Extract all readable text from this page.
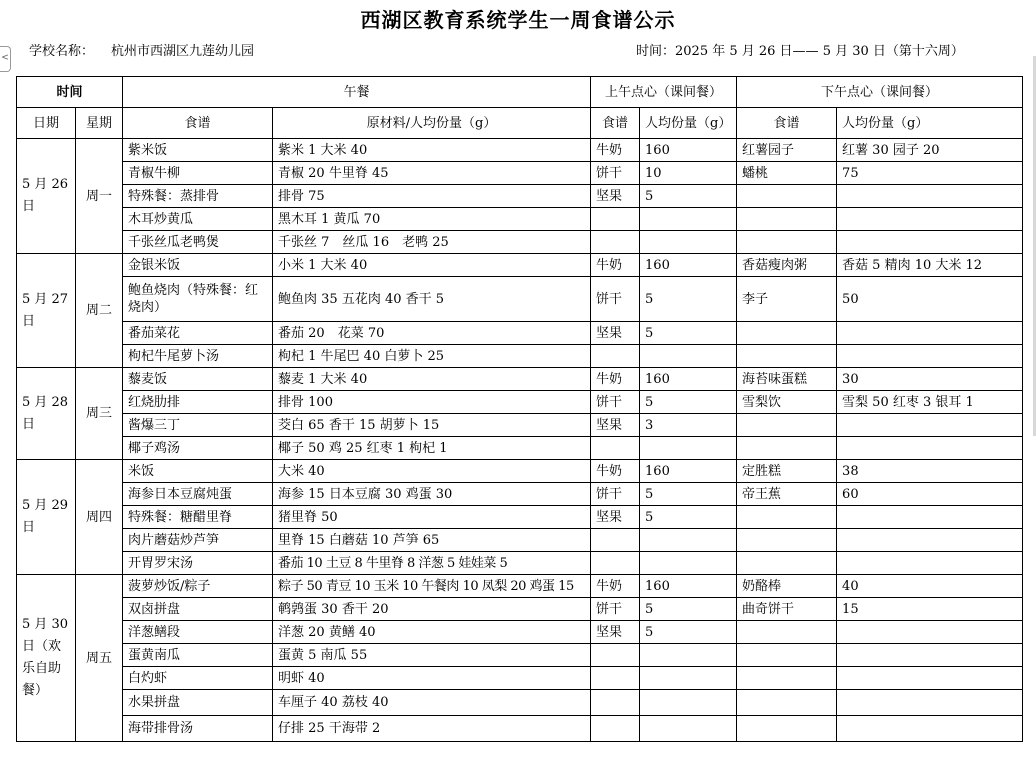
西湖区教育系统学生一周食谱公示
学校名称： 杭州市西湖区九莲幼儿园	时间：2025 年 5 月 26 日—— 5 月 30 日（第十六周）
<
时间		午餐		上午点心（课间餐）		下午点心（课间餐）	
日期	星期	食谱	原材料/人均份量（g）	食谱	人均份量（g）	食谱	人均份量（g）
5 月 26 日	周一	紫米饭	紫米 1 大米 40	牛奶	160	红薯园子	红薯 30 园子 20
		青椒牛柳	青椒 20 牛里脊 45	饼干	10	蟠桃	75
		特殊餐：蒸排骨	排骨 75	坚果	5		
		木耳炒黄瓜	黑木耳 1 黄瓜 70				
		千张丝瓜老鸭煲	千张丝 7　丝瓜 16　老鸭 25				
5 月 27 日	周二	金银米饭	小米 1 大米 40	牛奶	160	香菇瘦肉粥	香菇 5 精肉 10 大米 12
		鲍鱼烧肉（特殊餐：红烧肉）	鲍鱼肉 35 五花肉 40 香干 5	饼干	5	李子	50
		番茄菜花	番茄 20　花菜 70	坚果	5		
		枸杞牛尾萝卜汤	枸杞 1 牛尾巴 40 白萝卜 25				
5 月 28 日	周三	藜麦饭	藜麦 1 大米 40	牛奶	160	海苔味蛋糕	30
		红烧肋排	排骨 100	饼干	5	雪梨饮	雪梨 50 红枣 3 银耳 1
		酱爆三丁	茭白 65 香干 15 胡萝卜 15	坚果	3		
		椰子鸡汤	椰子 50 鸡 25 红枣 1 枸杞 1				
5 月 29 日	周四	米饭	大米 40	牛奶	160	定胜糕	38
		海参日本豆腐炖蛋	海参 15 日本豆腐 30 鸡蛋 30	饼干	5	帝王蕉	60
		特殊餐：糖醋里脊	猪里脊 50	坚果	5		
		肉片蘑菇炒芦笋	里脊 15 白蘑菇 10 芦笋 65				
		开胃罗宋汤	番茄 10 土豆 8 牛里脊 8 洋葱 5 娃娃菜 5				
5 月 30 日（欢乐自助餐）	周五	菠萝炒饭/粽子	粽子 50 青豆 10 玉米 10 午餐肉 10 凤梨 20 鸡蛋 15	牛奶	160	奶酪棒	40
		双卤拼盘	鹌鹑蛋 30 香干 20	饼干	5	曲奇饼干	15
		洋葱鳝段	洋葱 20 黄鳝 40	坚果	5		
		蛋黄南瓜	蛋黄 5 南瓜 55				
		白灼虾	明虾 40				
		水果拼盘	车厘子 40 荔枝 40				
		海带排骨汤	仔排 25 干海带 2				
